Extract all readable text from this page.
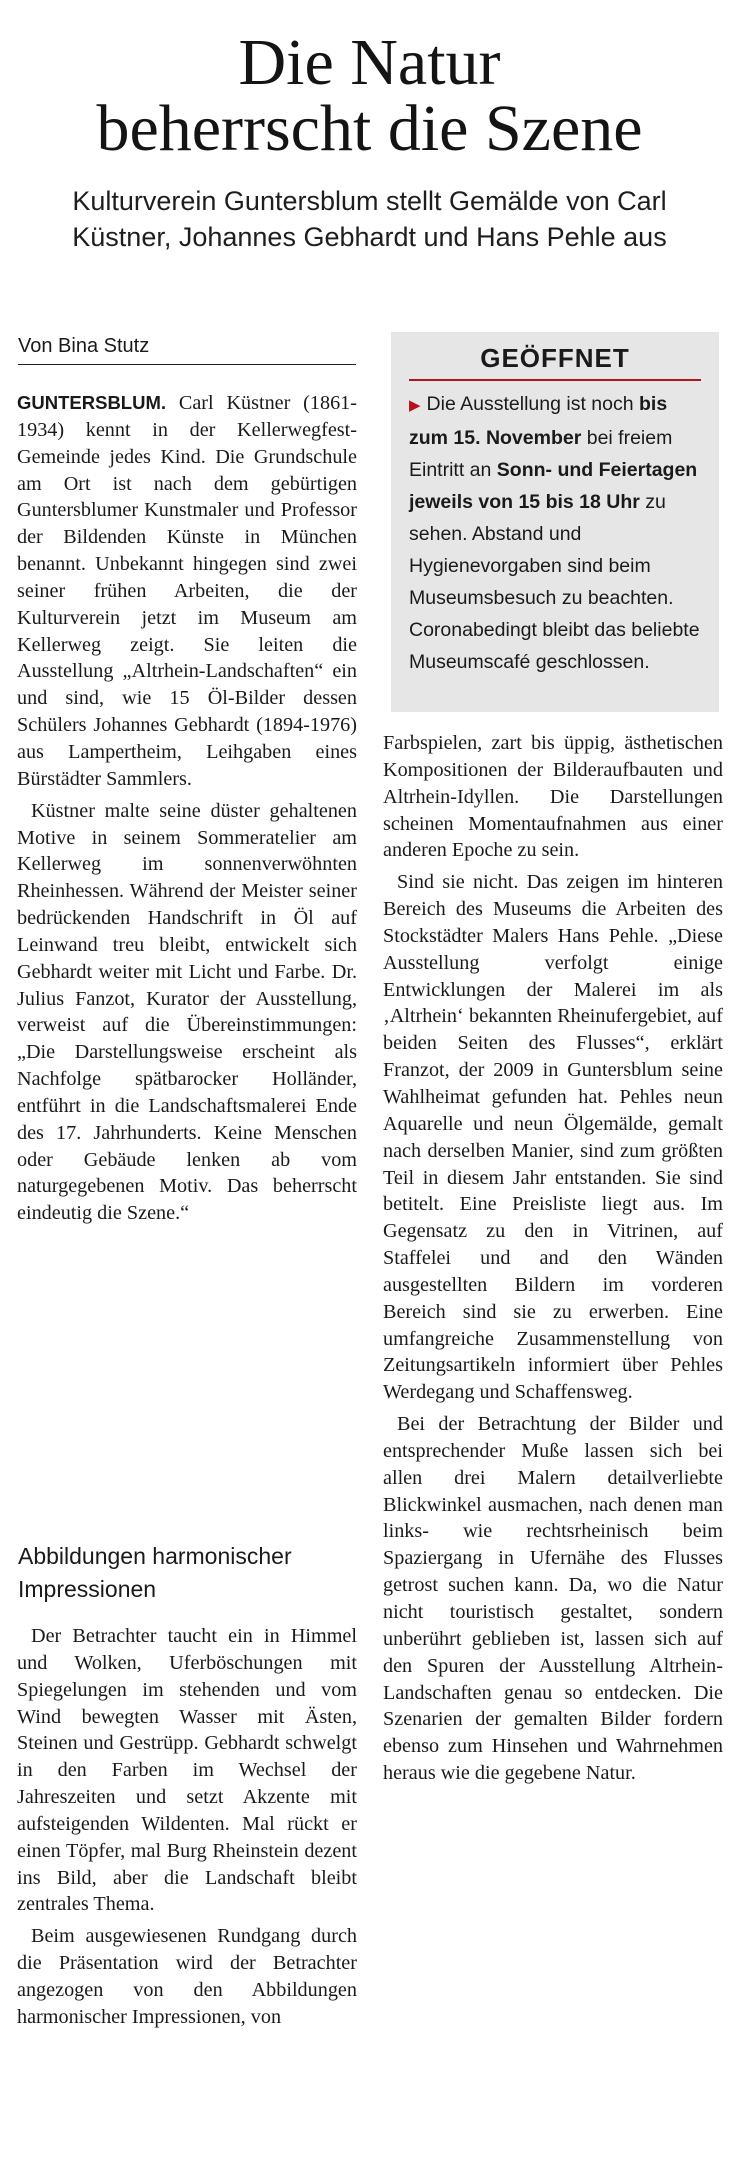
Die Natur
beherrscht die Szene
Kulturverein Guntersblum stellt Gemälde von Carl
Küstner, Johannes Gebhardt und Hans Pehle aus
Von Bina Stutz

GUNTERSBLUM. Carl Küstner (1861-1934) kennt in der Kellerwegfest-Gemeinde jedes Kind. Die Grundschule am Ort ist nach dem gebürtigen Guntersblumer Kunstmaler und Professor der Bildenden Künste in München benannt. Unbekannt hingegen sind zwei seiner frühen Arbeiten, die der Kulturverein jetzt im Museum am Kellerweg zeigt. Sie leiten die Ausstellung „Altrhein-Landschaften“ ein und sind, wie 15 Öl-Bilder dessen Schülers Johannes Gebhardt (1894-1976) aus Lampertheim, Leihgaben eines Bürstädter Sammlers.

Küstner malte seine düster gehaltenen Motive in seinem Sommeratelier am Kellerweg im sonnenverwöhnten Rheinhessen. Während der Meister seiner bedrückenden Handschrift in Öl auf Leinwand treu bleibt, entwickelt sich Gebhardt weiter mit Licht und Farbe. Dr. Julius Fanzot, Kurator der Ausstellung, verweist auf die Übereinstimmungen: „Die Darstellungsweise erscheint als Nachfolge spätbarocker Holländer, entführt in die Landschaftsmalerei Ende des 17. Jahrhunderts. Keine Menschen oder Gebäude lenken ab vom naturgegebenen Motiv. Das beherrscht eindeutig die Szene.“

Abbildungen harmonischer Impressionen

Der Betrachter taucht ein in Himmel und Wolken, Uferböschungen mit Spiegelungen im stehenden und vom Wind bewegten Wasser mit Ästen, Steinen und Gestrüpp. Gebhardt schwelgt in den Farben im Wechsel der Jahreszeiten und setzt Akzente mit aufsteigenden Wildenten. Mal rückt er einen Töpfer, mal Burg Rheinstein dezent ins Bild, aber die Landschaft bleibt zentrales Thema.

Beim ausgewiesenen Rundgang durch die Präsentation wird der Betrachter angezogen von den Abbildungen harmonischer Impressionen, von

GEÖFFNET
▶ Die Ausstellung ist noch bis zum 15. November bei freiem Eintritt an Sonn- und Feiertagen jeweils von 15 bis 18 Uhr zu sehen. Abstand und Hygienevorgaben sind beim Museumsbesuch zu beachten. Coronabedingt bleibt das beliebte Museumscafé geschlossen.

Farbspielen, zart bis üppig, ästhetischen Kompositionen der Bilderaufbauten und Altrhein-Idyllen. Die Darstellungen scheinen Momentaufnahmen aus einer anderen Epoche zu sein.

Sind sie nicht. Das zeigen im hinteren Bereich des Museums die Arbeiten des Stockstädter Malers Hans Pehle. „Diese Ausstellung verfolgt einige Entwicklungen der Malerei im als ‚Altrhein‘ bekannten Rheinufergebiet, auf beiden Seiten des Flusses“, erklärt Franzot, der 2009 in Guntersblum seine Wahlheimat gefunden hat. Pehles neun Aquarelle und neun Ölgemälde, gemalt nach derselben Manier, sind zum größten Teil in diesem Jahr entstanden. Sie sind betitelt. Eine Preisliste liegt aus. Im Gegensatz zu den in Vitrinen, auf Staffelei und and den Wänden ausgestellten Bildern im vorderen Bereich sind sie zu erwerben. Eine umfangreiche Zusammenstellung von Zeitungsartikeln informiert über Pehles Werdegang und Schaffensweg.

Bei der Betrachtung der Bilder und entsprechender Muße lassen sich bei allen drei Malern detailverliebte Blickwinkel ausmachen, nach denen man links- wie rechtsrheinisch beim Spaziergang in Ufernähe des Flusses getrost suchen kann. Da, wo die Natur nicht touristisch gestaltet, sondern unberührt geblieben ist, lassen sich auf den Spuren der Ausstellung Altrhein-Landschaften genau so entdecken. Die Szenarien der gemalten Bilder fordern ebenso zum Hinsehen und Wahrnehmen heraus wie die gegebene Natur.
